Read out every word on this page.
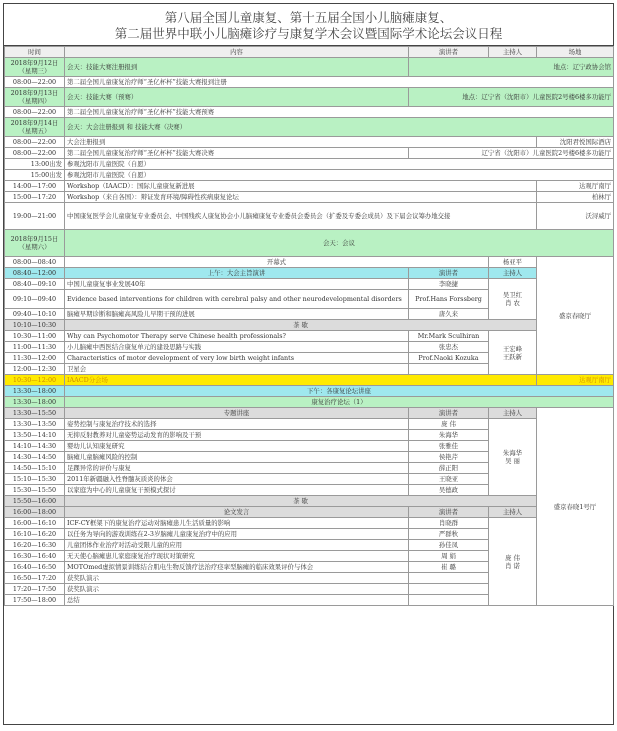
第八届全国儿童康复、第十五届全国小儿脑瘫康复、
第二届世界中联小儿脑瘫诊疗与康复学术会议暨国际学术论坛会议日程
时间	内容	演讲者	主持人	场地
2018年9月12日（星期三）	会天：技能大赛注册报到	地点：辽宁政协会馆		
08:00—22:00	第二届全国儿童康复治疗师“圣亿杯杯”技能大赛报到注册			
2018年9月13日（星期四）	会天：技能大赛（预赛）	地点：辽宁省（沈阳市）儿童医院2号楼6楼多功能厅		
08:00—22:00	第二届全国儿童康复治疗师“圣亿杯杯”技能大赛预赛			
2018年9月14日（星期五）	会天：大会注册报到 和 技能大赛（决赛）			
08:00—22:00	大会注册报到			沈阳君悦国际酒店
08:00—22:00	第二届全国儿童康复治疗师“圣亿杯杯”技能大赛决赛	辽宁省（沈阳市）儿童医院2号楼6楼多功能厅		
13:00出发	参观沈阳市儿童医院（自愿）			
15:00出发	参观沈阳市儿童医院（自愿）			
14:00—17:00	Workshop（IAACD）：国际儿童康复新进展			达观厅南厅
15:00—17:20	Workshop（来自各国）：辩证发育环境/障碍性疾病康复论坛			柏林厅
19:00—21:00	中国康复医学会儿童康复专业委员会、中国残疾人康复协会小儿脑瘫康复专业委员会委员会（扩委及专委会成员）及下届会议筹办地交接			沃浔威厅
2018年9月15日（星期六）	会天：会议			
08:00—08:40	开幕式		杨亚平	盛京春晓厅
08:40—12:00	上午：大会主旨演讲	演讲者	主持人	
08:40—09:10	中国儿童康复事业发展40年	李晓捷	吴卫红
肖 农	
09:10—09:40	Evidence based interventions for children with cerebral palsy and other neurodevelopmental disorders	Prof.Hans Forssberg		
09:40—10:10	脑瘫早期诊断和脑瘫高风险儿早期干预的进展	唐久来		
10:10—10:30	茶 歇			
10:30—11:00	Why can Psychomotor Therapy serve Chinese health professionals?	Mr.Mark Sculhiran	王宏峰
王跃新	
11:00—11:30	小儿脑瘫中西医结合康复单元的建设思路与实践	张忠杰		
11:30—12:00	Characteristics of motor development of very low birth weight infants	Prof.Naoki Kozuka		
12:00—12:30	卫星会			
10:30—12:00	IAACD分会场			达观厅南厅
13:30—18:00	下午：各康复论坛讲座			
13:30—18:00	康复治疗论坛（1）			
13:30—15:50	专题讲座	演讲者	主持人	盛京春晓1号厅
13:30—13:50	姿势控制与康复治疗技术的选择	庞 伟	朱海华
吴 丽	
13:50—14:10	无抑反射教养对儿童姿势运动发育的影响及干预	朱海华		
14:10—14:30	婴幼儿认知康复研究	张雅佳		
14:30—14:50	脑瘫儿童脑瘫风险的控制	侯艳芹		
14:50—15:10	足踝异常的评价与康复	薛正阳		
15:10—15:30	2011年新疆融入性脊髓灰质炎的体会	王晓亚		
15:30—15:50	以家庭为中心的儿童康复干预模式探讨	吴德政		
15:50—16:00	茶 歇			
16:00—18:00	论文发言	演讲者	主持人	
16:00—16:10	ICF-CY框架下的康复治疗运动对脑瘫患儿生活质量的影响	肖晓群	庞 伟
肖 诺	
16:10—16:20	以任务为导向的游戏训练在2-3岁脑瘫儿童康复治疗中的应用	严群秋		
16:20—16:30	儿童团体作业治疗对活动受限儿童的应用	孙佳凤		
16:30—16:40	无天使心脑瘫患儿家庭康复治疗现状对策研究	周 娟		
16:40—16:50	MOTOmed虚拟情景训练结合肌电生物反馈疗法治疗痉挛型脑瘫的临床效果评价与体会	崔 璐		
16:50—17:20	获奖队演示			
17:20—17:50	获奖队演示			
17:50—18:00	总结			
